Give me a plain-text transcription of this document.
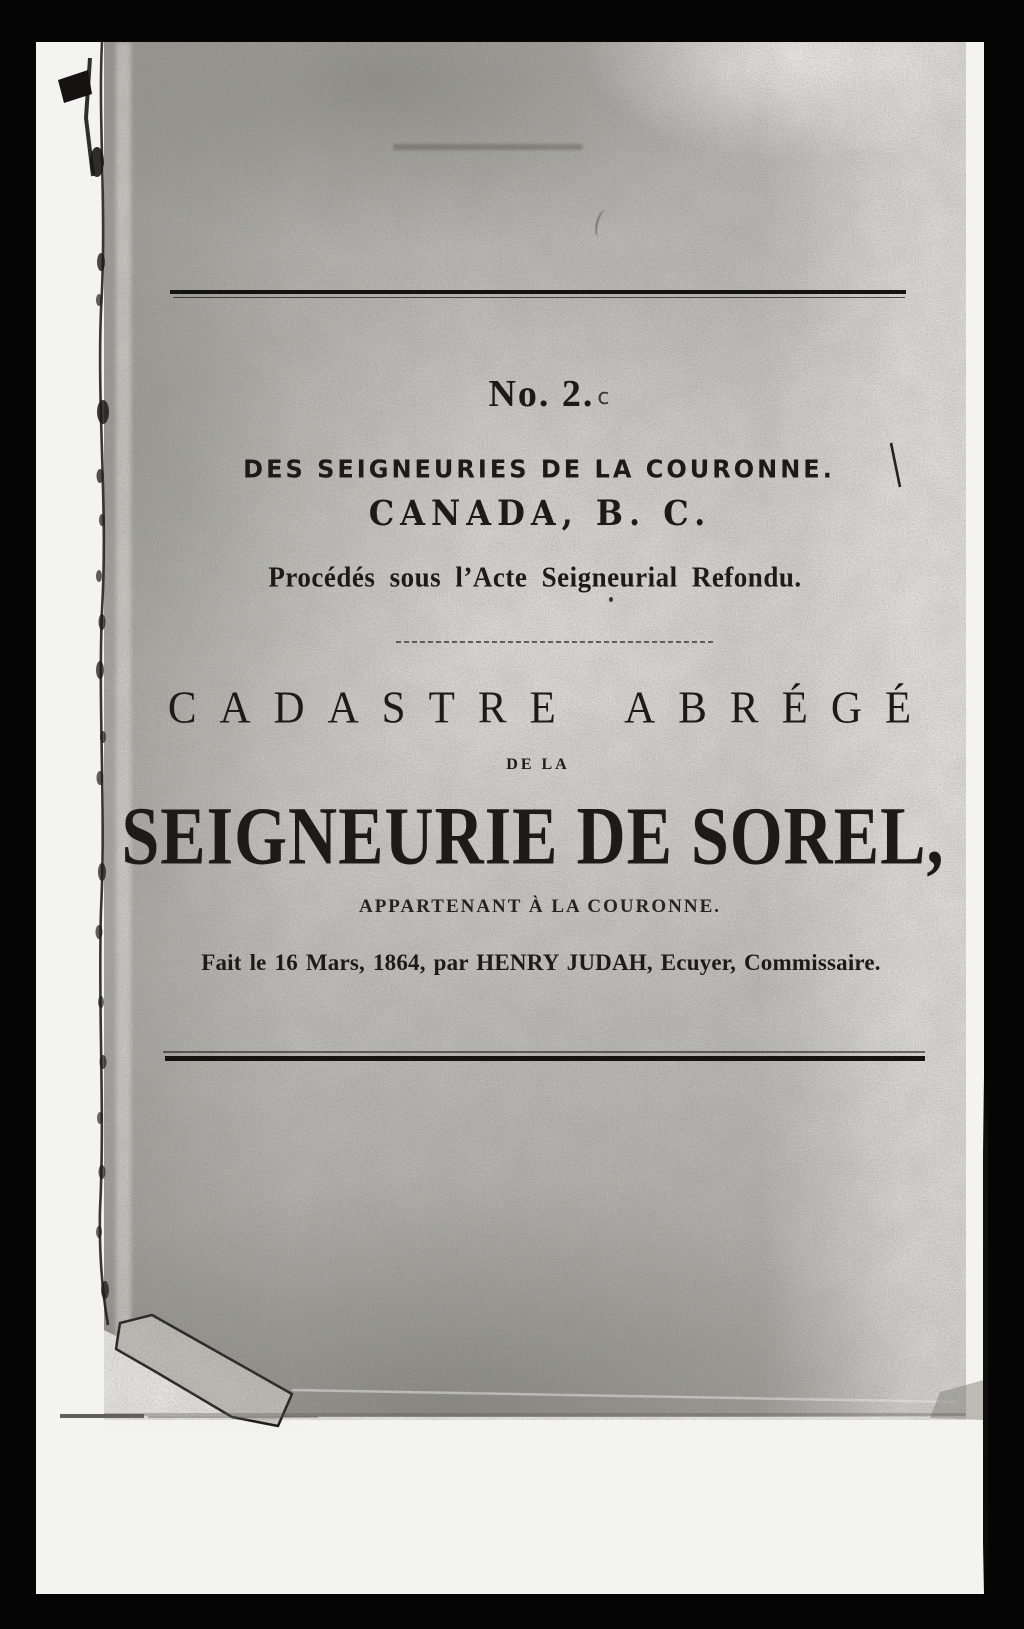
No. 2. c
DES SEIGNEURIES DE LA COURONNE.
CANADA, B. C.
Procédés sous l’Acte Seigneurial Refondu.
CADASTRE ABRÉGÉ
DE LA
SEIGNEURIE DE SOREL,
APPARTENANT À LA COURONNE.
Fait le 16 Mars, 1864, par HENRY JUDAH, Ecuyer, Commissaire.
